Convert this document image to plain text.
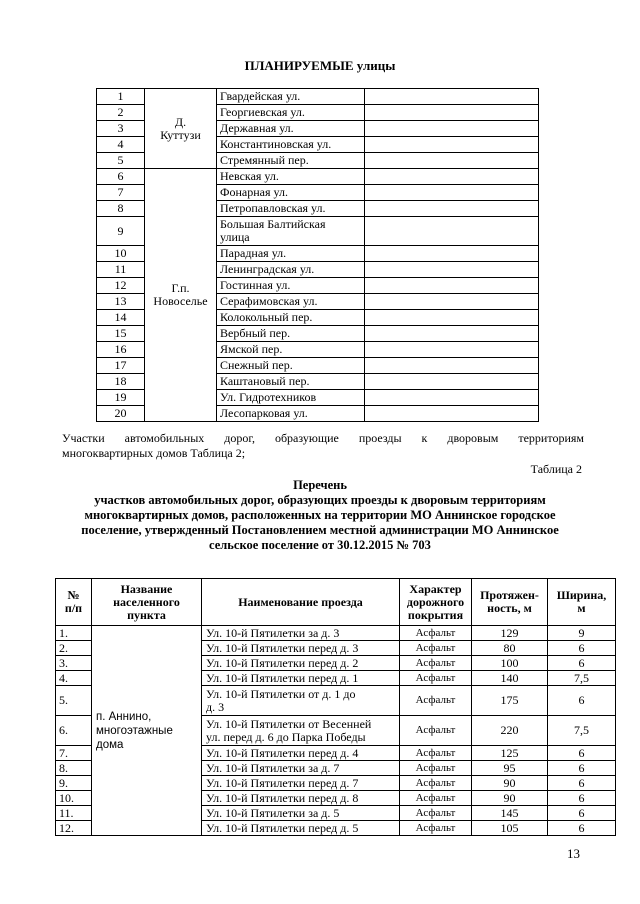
ПЛАНИРУЕМЫЕ улицы
1	Д.
Куттузи	Гвардейская ул.	
2		Георгиевская ул.	
3		Державная ул.	
4		Константиновская ул.	
5		Стремянный пер.	
6	Г.п.
Новоселье	Невская ул.	
7		Фонарная ул.	
8		Петропавловская ул.	
9		Большая Балтийская
улица	
10		Парадная ул.	
11		Ленинградская ул.	
12		Гостинная ул.	
13		Серафимовская ул.	
14		Колокольный пер.	
15		Вербный пер.	
16		Ямской пер.	
17		Снежный пер.	
18		Каштановый пер.	
19		Ул. Гидротехников	
20		Лесопарковая ул.	
Участки автомобильных дорог, образующие проезды к дворовым территориям
многоквартирных домов Таблица 2;
Таблица 2
Перечень
участков автомобильных дорог, образующих проезды к дворовым территориям
многоквартирных домов, расположенных на территории МО Аннинское городское
поселение, утвержденный Постановлением местной администрации МО Аннинское
сельское поселение от 30.12.2015 № 703
№
п/п	Название
населенного
пункта	Наименование проезда	Характер
дорожного
покрытия	Протяжен-
ность, м	Ширина,
м
1.	п. Аннино,
многоэтажные
дома	Ул. 10-й Пятилетки за д. 3	Асфальт	129	9
2.		Ул. 10-й Пятилетки перед д. 3	Асфальт	80	6
3.		Ул. 10-й Пятилетки перед д. 2	Асфальт	100	6
4.		Ул. 10-й Пятилетки перед д. 1	Асфальт	140	7,5
5.		Ул. 10-й Пятилетки от д. 1 до
д. 3	Асфальт	175	6
6.		Ул. 10-й Пятилетки от Весенней
ул. перед д. 6 до Парка Победы	Асфальт	220	7,5
7.		Ул. 10-й Пятилетки перед д. 4	Асфальт	125	6
8.		Ул. 10-й Пятилетки за д. 7	Асфальт	95	6
9.		Ул. 10-й Пятилетки перед д. 7	Асфальт	90	6
10.		Ул. 10-й Пятилетки перед д. 8	Асфальт	90	6
11.		Ул. 10-й Пятилетки за д. 5	Асфальт	145	6
12.		Ул. 10-й Пятилетки перед д. 5	Асфальт	105	6
13
